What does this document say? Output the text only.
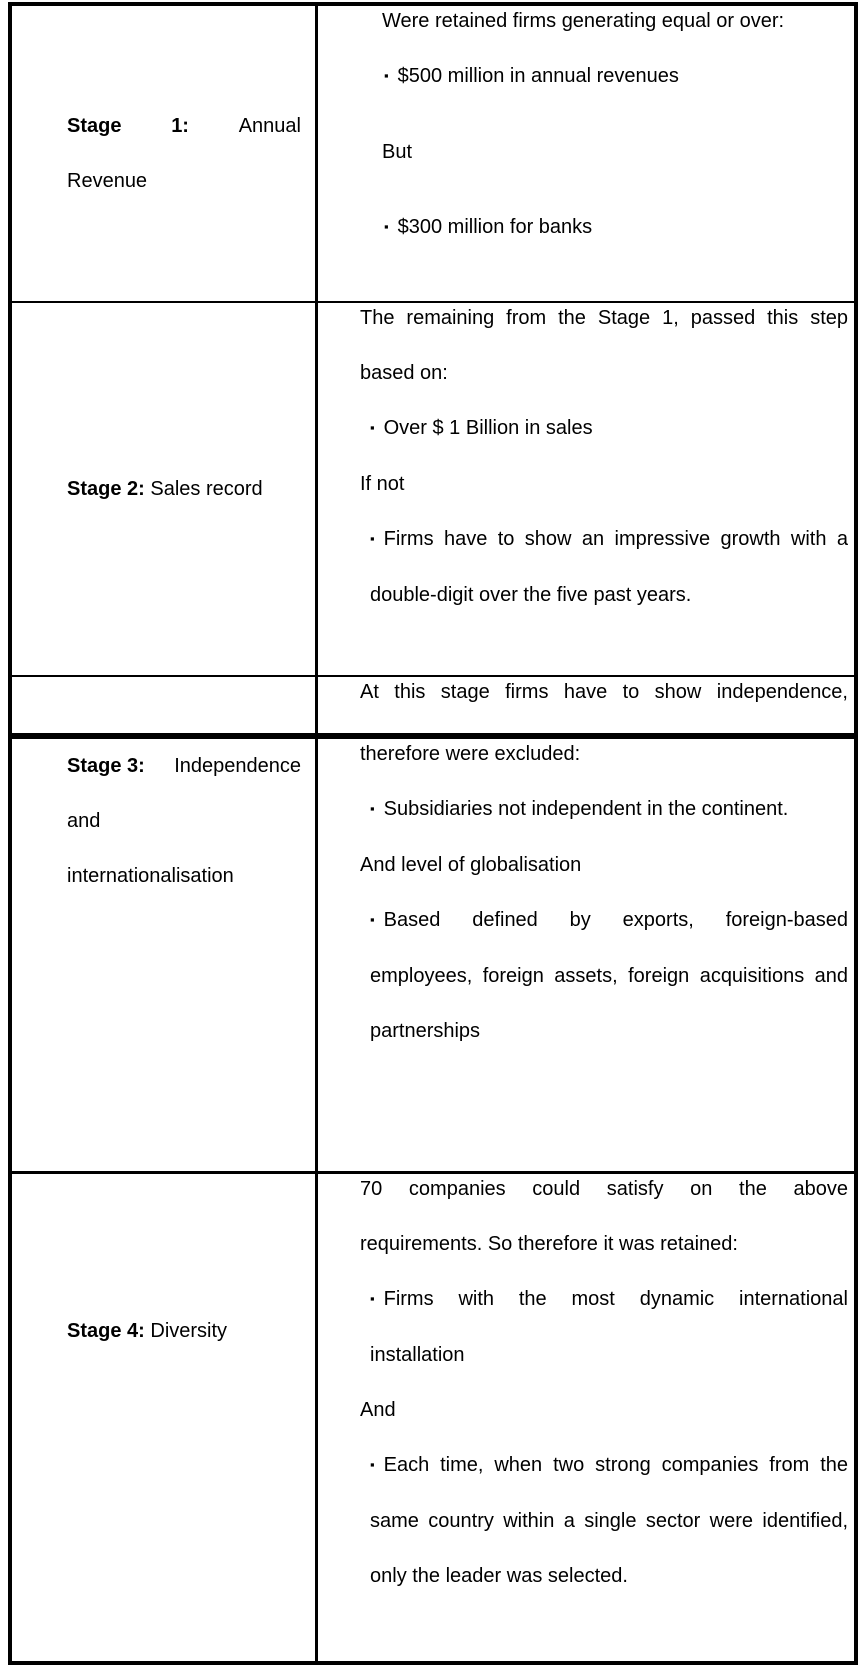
Stage 1: Annual
Revenue
Were retained firms generating equal or over:
▪ $500 million in annual revenues
But
▪ $300 million for banks
Stage 2: Sales record
The remaining from the Stage 1, passed this step based on:
▪ Over $ 1 Billion in sales
If not
▪ Firms have to show an impressive growth with a double-digit over the five past years.
At this stage firms have to show independence,
Stage 3: Independence
and
internationalisation
therefore were excluded:
▪ Subsidiaries not independent in the continent.
And level of globalisation
▪ Based defined by exports, foreign-based employees, foreign assets, foreign acquisitions and partnerships
Stage 4: Diversity
70 companies could satisfy on the above requirements. So therefore it was retained:
▪ Firms with the most dynamic international installation
And
▪ Each time, when two strong companies from the same country within a single sector were identified, only the leader was selected.
